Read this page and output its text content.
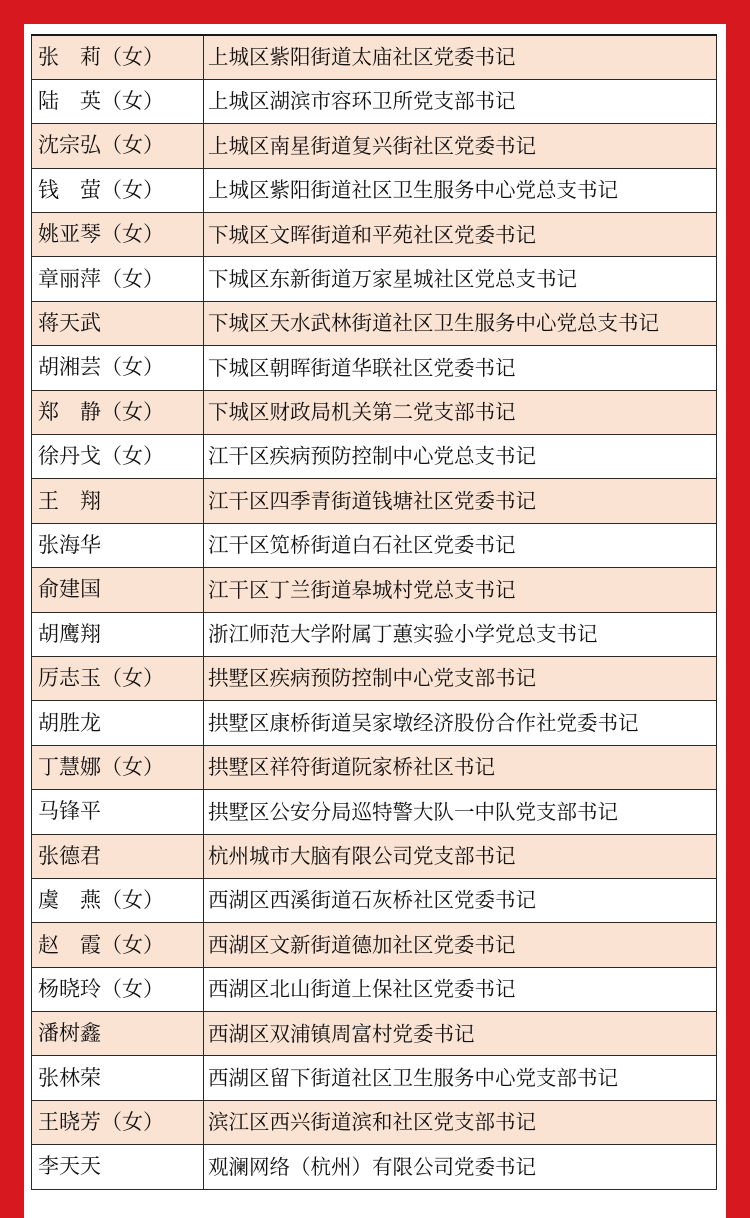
张　莉（女）	上城区紫阳街道太庙社区党委书记
陆　英（女）	上城区湖滨市容环卫所党支部书记
沈宗弘（女）	上城区南星街道复兴街社区党委书记
钱　萤（女）	上城区紫阳街道社区卫生服务中心党总支书记
姚亚琴（女）	下城区文晖街道和平苑社区党委书记
章丽萍（女）	下城区东新街道万家星城社区党总支书记
蒋天武	下城区天水武林街道社区卫生服务中心党总支书记
胡湘芸（女）	下城区朝晖街道华联社区党委书记
郑　静（女）	下城区财政局机关第二党支部书记
徐丹戈（女）	江干区疾病预防控制中心党总支书记
王　翔	江干区四季青街道钱塘社区党委书记
张海华	江干区笕桥街道白石社区党委书记
俞建国	江干区丁兰街道皋城村党总支书记
胡鹰翔	浙江师范大学附属丁蕙实验小学党总支书记
厉志玉（女）	拱墅区疾病预防控制中心党支部书记
胡胜龙	拱墅区康桥街道吴家墩经济股份合作社党委书记
丁慧娜（女）	拱墅区祥符街道阮家桥社区书记
马锋平	拱墅区公安分局巡特警大队一中队党支部书记
张德君	杭州城市大脑有限公司党支部书记
虞　燕（女）	西湖区西溪街道石灰桥社区党委书记
赵　霞（女）	西湖区文新街道德加社区党委书记
杨晓玲（女）	西湖区北山街道上保社区党委书记
潘树鑫	西湖区双浦镇周富村党委书记
张林荣	西湖区留下街道社区卫生服务中心党支部书记
王晓芳（女）	滨江区西兴街道滨和社区党支部书记
李天天	观澜网络（杭州）有限公司党委书记
